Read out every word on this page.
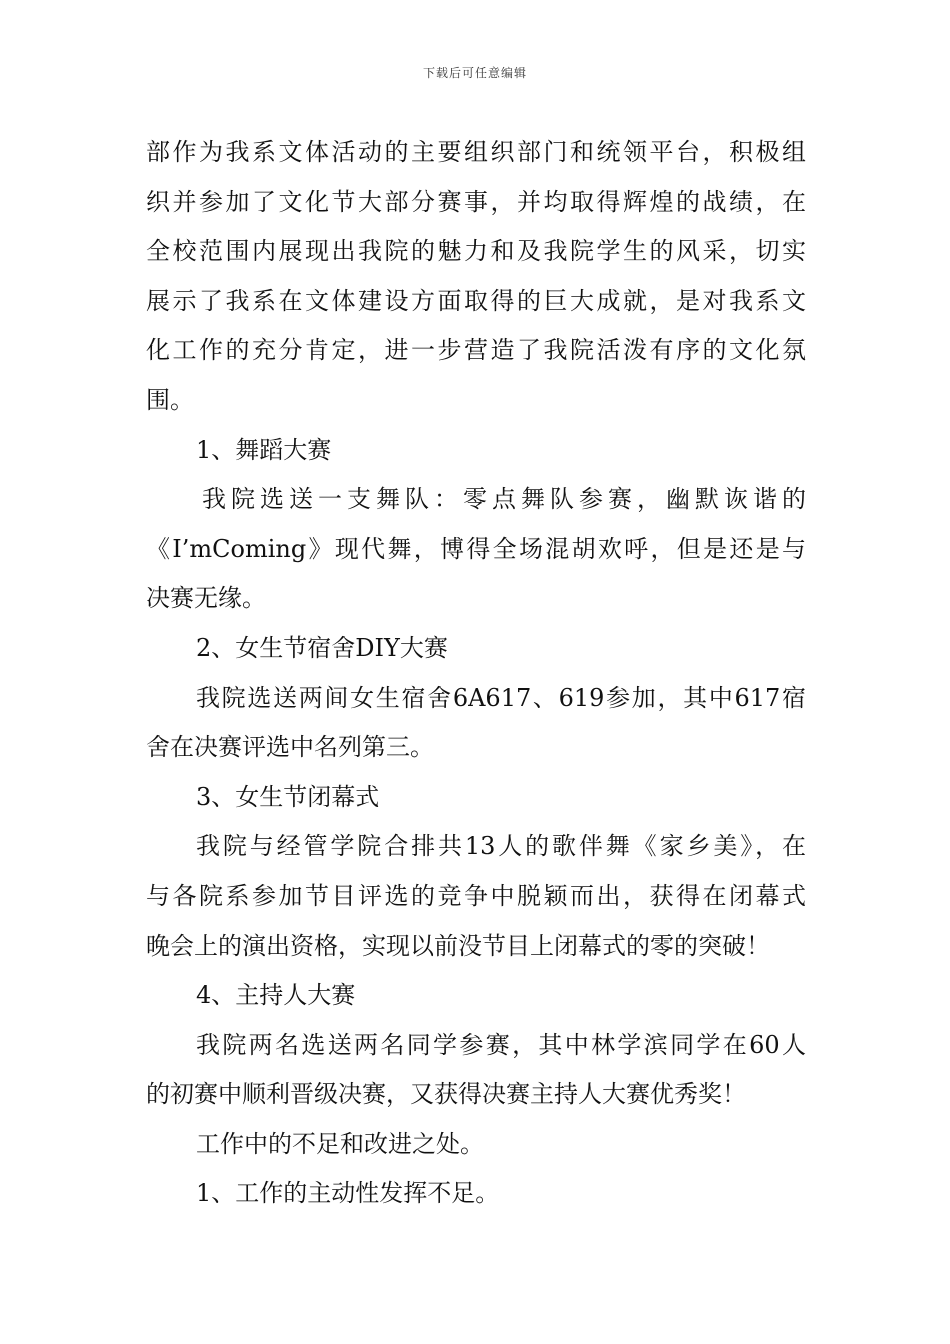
下载后可任意编辑
部作为我系文体活动的主要组织部门和统领平台，积极组
织并参加了文化节大部分赛事，并均取得辉煌的战绩，在
全校范围内展现出我院的魅力和及我院学生的风采，切实
展示了我系在文体建设方面取得的巨大成就，是对我系文
化工作的充分肯定，进一步营造了我院活泼有序的文化氛
围。
1、舞蹈大赛
我院选送一支舞队：零点舞队参赛，幽默诙谐的
《I’mComing》现代舞，博得全场混胡欢呼，但是还是与
决赛无缘。
2、女生节宿舍DIY大赛
我院选送两间女生宿舍6A617、619参加，其中617宿
舍在决赛评选中名列第三。
3、女生节闭幕式
我院与经管学院合排共13人的歌伴舞《家乡美》，在
与各院系参加节目评选的竞争中脱颖而出，获得在闭幕式
晚会上的演出资格，实现以前没节目上闭幕式的零的突破！
4、主持人大赛
我院两名选送两名同学参赛，其中林学滨同学在60人
的初赛中顺利晋级决赛，又获得决赛主持人大赛优秀奖！
工作中的不足和改进之处。
1、工作的主动性发挥不足。
